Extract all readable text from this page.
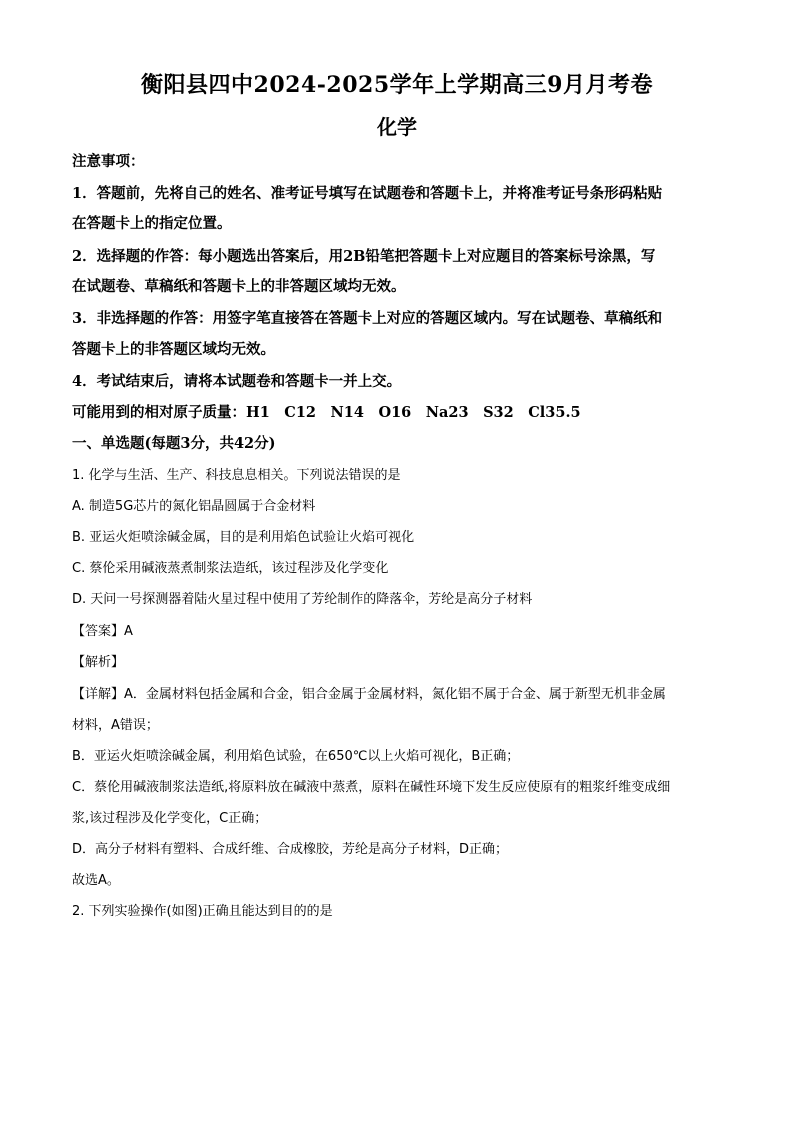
衡阳县四中2024-2025学年上学期高三9月月考卷
化学
注意事项：
1．答题前，先将自己的姓名、准考证号填写在试题卷和答题卡上，并将准考证号条形码粘贴
在答题卡上的指定位置。
2．选择题的作答：每小题选出答案后，用2B铅笔把答题卡上对应题目的答案标号涂黑，写
在试题卷、草稿纸和答题卡上的非答题区域均无效。
3．非选择题的作答：用签字笔直接答在答题卡上对应的答题区域内。写在试题卷、草稿纸和
答题卡上的非答题区域均无效。
4．考试结束后，请将本试题卷和答题卡一并上交。
可能用到的相对原子质量：H1　C12　N14　O16　Na23　S32　Cl35.5
一、单选题(每题3分，共42分)
1. 化学与生活、生产、科技息息相关。下列说法错误的是
A. 制造5G芯片的氮化铝晶圆属于合金材料
B. 亚运火炬喷涂碱金属，目的是利用焰色试验让火焰可视化
C. 蔡伦采用碱液蒸煮制浆法造纸，该过程涉及化学变化
D. 天问一号探测器着陆火星过程中使用了芳纶制作的降落伞，芳纶是高分子材料
【答案】A
【解析】
【详解】A．金属材料包括金属和合金，铝合金属于金属材料，氮化铝不属于合金、属于新型无机非金属
材料，A错误；
B．亚运火炬喷涂碱金属，利用焰色试验，在650℃以上火焰可视化，B正确；
C．蔡伦用碱液制浆法造纸,将原料放在碱液中蒸煮，原料在碱性环境下发生反应使原有的粗浆纤维变成细
浆,该过程涉及化学变化，C正确；
D．高分子材料有塑料、合成纤维、合成橡胶，芳纶是高分子材料，D正确；
故选A。
2. 下列实验操作(如图)正确且能达到目的的是
